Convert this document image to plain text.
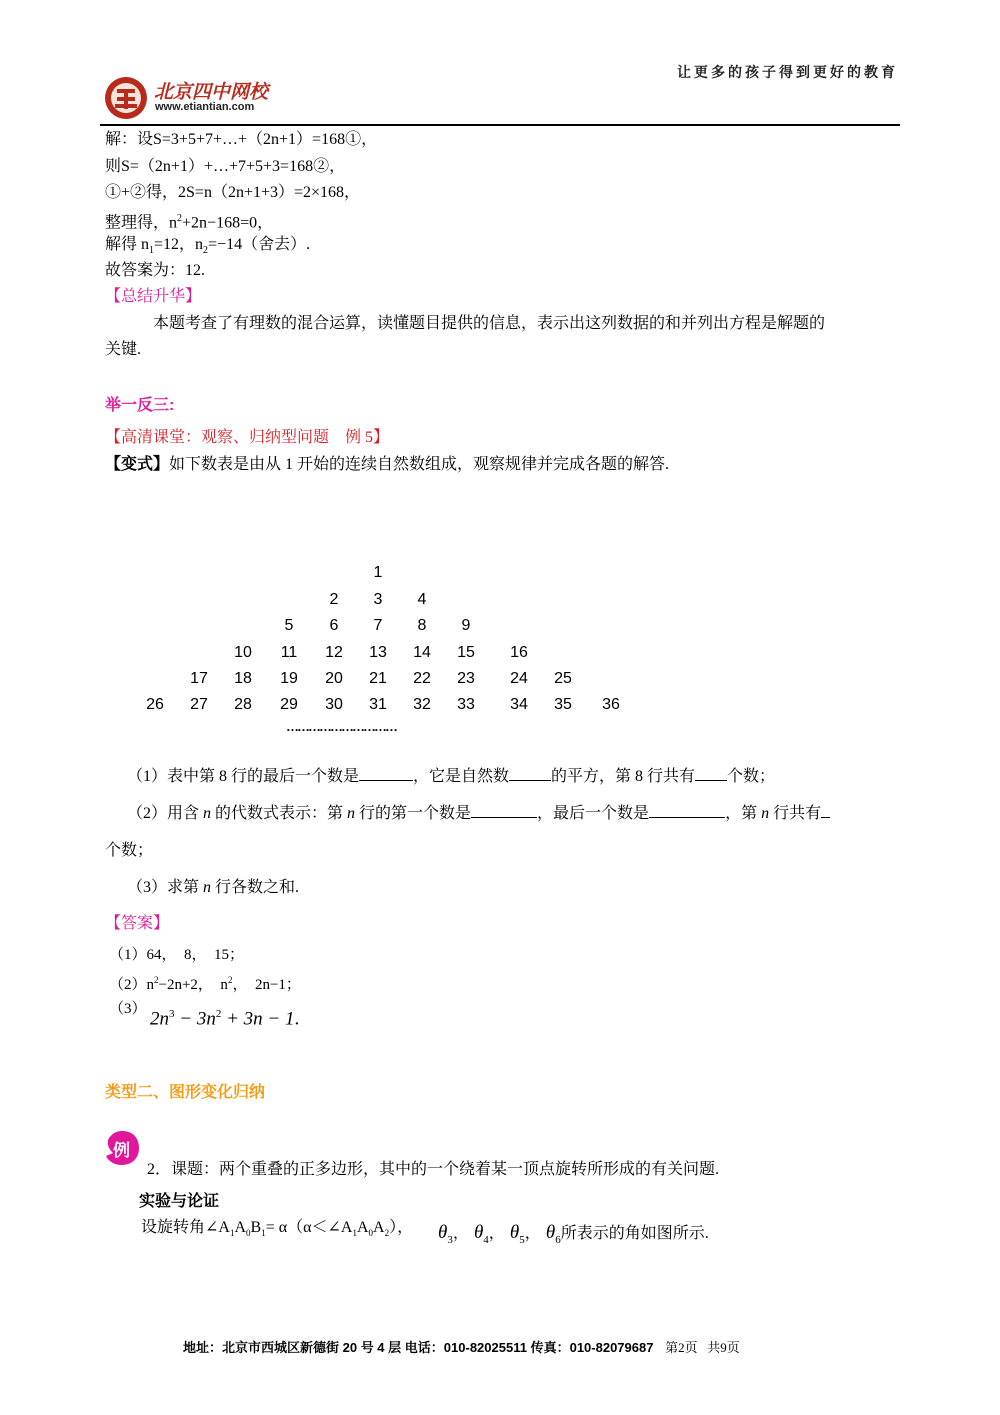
北京四中网校
www.etiantian.com
让更多的孩子得到更好的教育
解：设S=3+5+7+…+（2n+1）=168①，
则S=（2n+1）+…+7+5+3=168②，
①+②得，2S=n（2n+1+3）=2×168，
整理得，$n^2+2n-168=0$，
解得 $n_1=12$，$n_2=-14$（舍去）.
故答案为：12.
【总结升华】
本题考查了有理数的混合运算，读懂题目提供的信息，表示出这列数据的和并列出方程是解题的
关键.
举一反三:
【高清课堂：观察、归纳型问题　例 5】
【变式】如下数表是由从 1 开始的连续自然数组成，观察规律并完成各题的解答.
1
2 3 4
5 6 7 8 9
10 11 12 13 14 15 16
17 18 19 20 21 22 23 24 25
26 27 28 29 30 31 32 33 34 35 36
…………………………
（1）表中第 8 行的最后一个数是	，它是自然数	的平方，第 8 行共有 个数；
（2）用含 n 的代数式表示：第 n 行的第一个数是	，最后一个数是	，第 n 行共有
个数；
（3）求第 n 行各数之和.
【答案】
（1）64，　8，　15；
$(2)n^2-2n+2$，　$n^2$，　2n−1；
（3） $2n^3 - 3n^2 + 3n - 1$.
类型二、图形变化归纳
例
2．课题：两个重叠的正多边形，其中的一个绕着某一顶点旋转所形成的有关问题.
实验与论证
设旋转角$\angle A_1A_0B_1=$ $\alpha(\alpha<\angle A_1A_0A_2)$， $\theta_3$， $\theta_4$， $\theta_5$， $\theta_6$所表示的角如图所示.
地址：北京市西城区新德街 20 号 4 层 电话：010-82025511 传真：010-82079687 第2页 共9页
